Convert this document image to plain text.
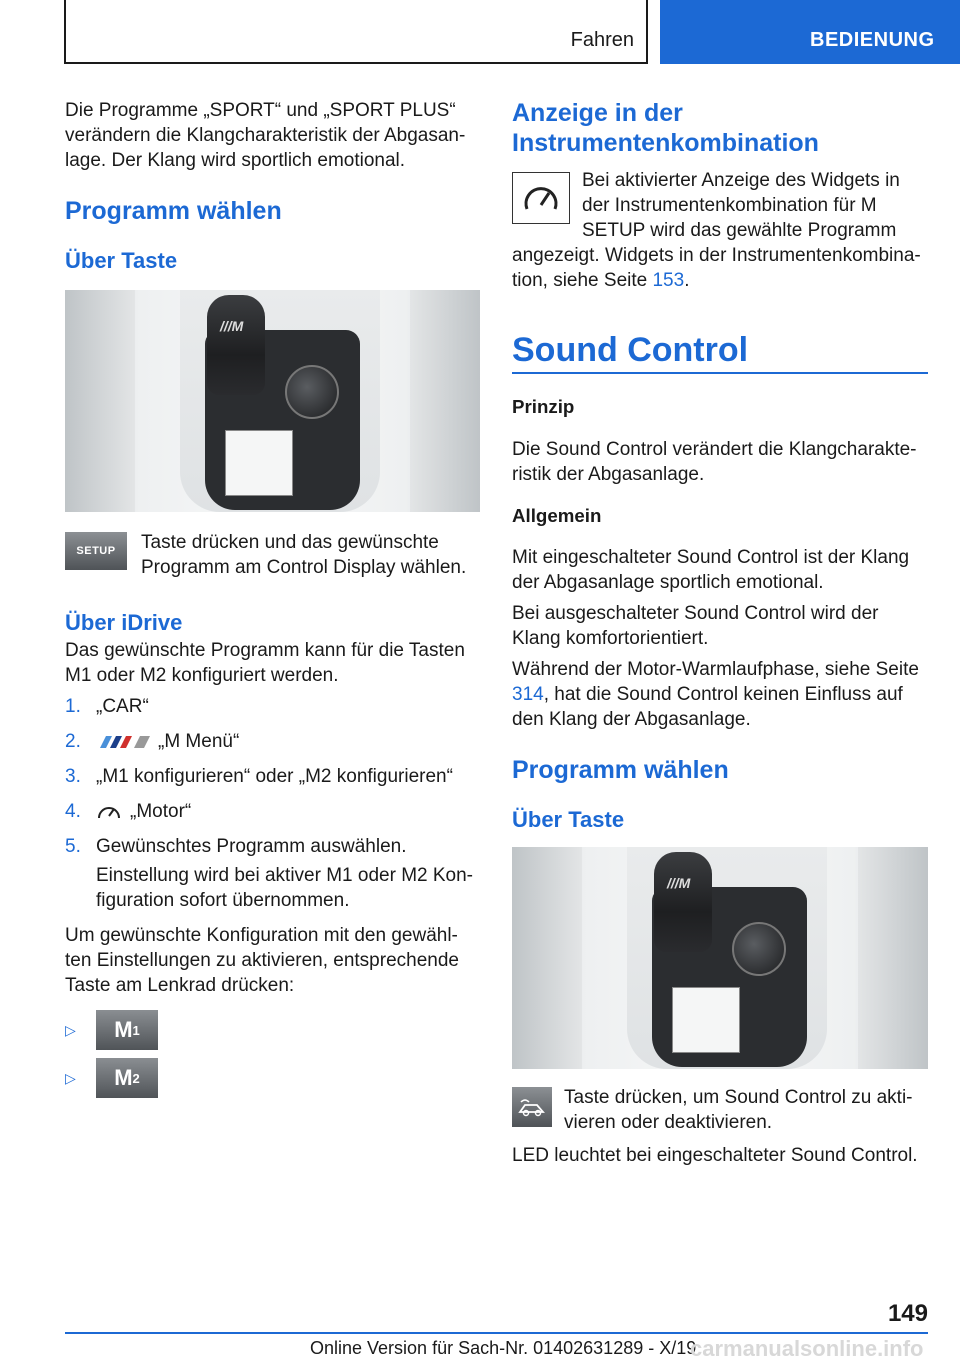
Fahren	BEDIENUNG

Die Programme „SPORT“ und „SPORT PLUS“ verändern die Klangcharakteristik der Abgasan-lage. Der Klang wird sportlich emotional.

Programm wählen
Über Taste
///M
SETUP Taste drücken und das gewünschte Programm am Control Display wählen.

Über iDrive

Das gewünschte Programm kann für die Tasten M1 oder M2 konfiguriert werden.

1. „CAR“
2.	„M Menü“
3. „M1 konfigurieren“ oder „M2 konfigurieren“
4.	„Motor“
5. Gewünschtes Programm auswählen.

Einstellung wird bei aktiver M1 oder M2 Kon-figuration sofort übernommen.

Um gewünschte Konfiguration mit den gewähl-ten Einstellungen zu aktivieren, entsprechende Taste am Lenkrad drücken:

▷	M 1
▷	M 2
Anzeige in der Instrumentenkombination

Bei aktivierter Anzeige des Widgets in der Instrumentenkombination für M SETUP wird das gewählte Programm

angezeigt. Widgets in der Instrumentenkombina-tion, siehe Seite 153.

Sound Control
Prinzip

Die Sound Control verändert die Klangcharakte-ristik der Abgasanlage.

Allgemein

Mit eingeschalteter Sound Control ist der Klang der Abgasanlage sportlich emotional.

Bei ausgeschalteter Sound Control wird der Klang komfortorientiert.

Während der Motor-Warmlaufphase, siehe Seite 314, hat die Sound Control keinen Einfluss auf den Klang der Abgasanlage.

Programm wählen
Über Taste
///M

Taste drücken, um Sound Control zu akti-vieren oder deaktivieren.

LED leuchtet bei eingeschalteter Sound Control.

149
Online Version für Sach-Nr. 01402631289 - X/19
carmanualsonline.info
